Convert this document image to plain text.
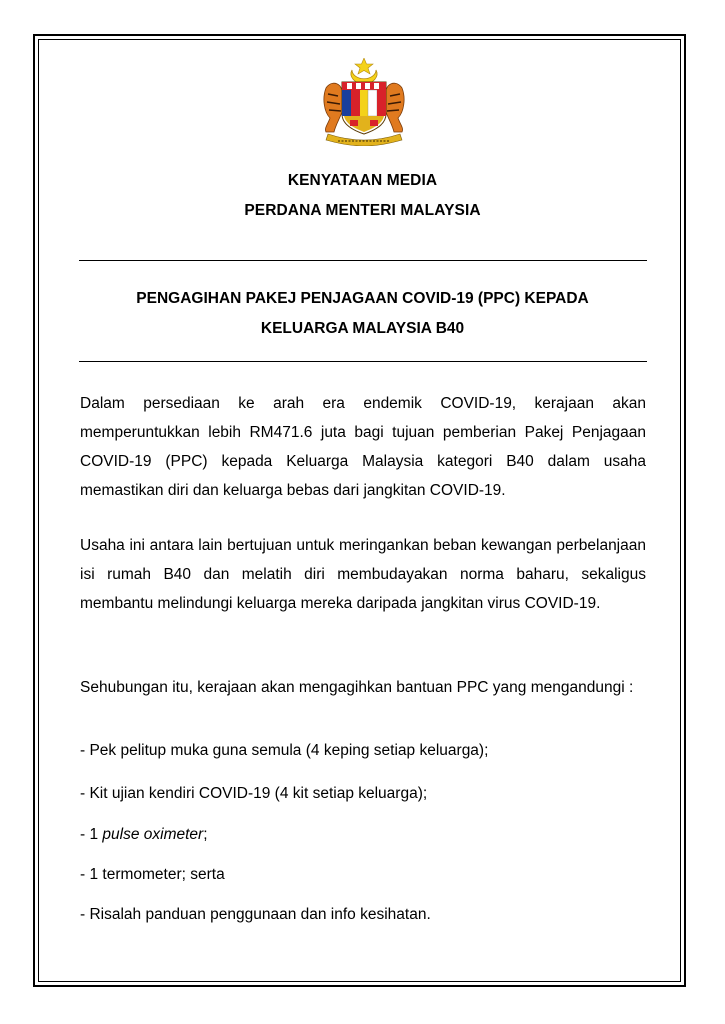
KENYATAAN MEDIA
PERDANA MENTERI MALAYSIA
PENGAGIHAN PAKEJ PENJAGAAN COVID-19 (PPC) KEPADA
KELUARGA MALAYSIA B40

Dalam persediaan ke arah era endemik COVID-19, kerajaan akan memperuntukkan lebih RM471.6 juta bagi tujuan pemberian Pakej Penjagaan COVID-19 (PPC) kepada Keluarga Malaysia kategori B40 dalam usaha memastikan diri dan keluarga bebas dari jangkitan COVID-19.

Usaha ini antara lain bertujuan untuk meringankan beban kewangan perbelanjaan isi rumah B40 dan melatih diri membudayakan norma baharu, sekaligus membantu melindungi keluarga mereka daripada jangkitan virus COVID-19.

Sehubungan itu, kerajaan akan mengagihkan bantuan PPC yang mengandungi :

- Pek pelitup muka guna semula (4 keping setiap keluarga);

- Kit ujian kendiri COVID-19 (4 kit setiap keluarga);

- 1 pulse oximeter;

- 1 termometer; serta

- Risalah panduan penggunaan dan info kesihatan.
